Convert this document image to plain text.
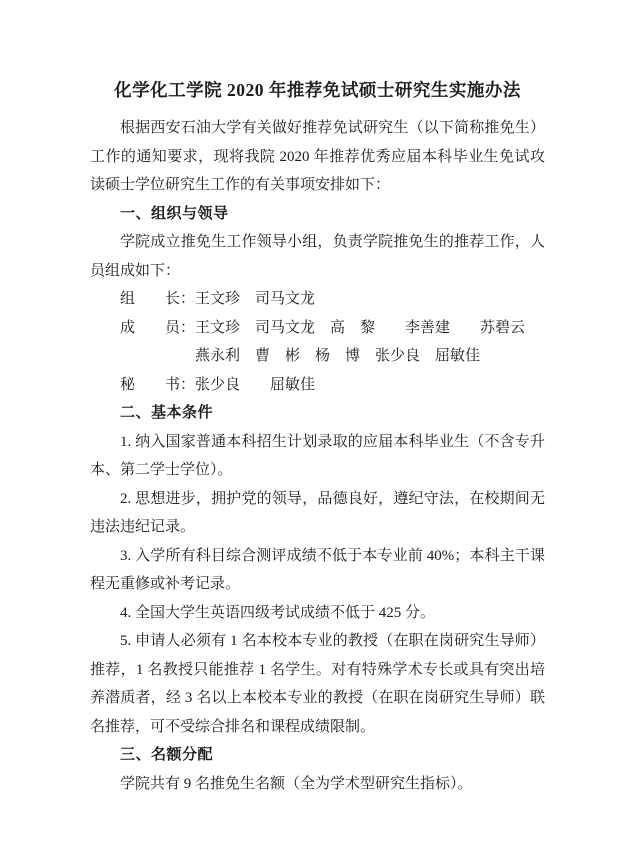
化学化工学院 2020 年推荐免试硕士研究生实施办法

根据西安石油大学有关做好推荐免试研究生（以下简称推免生）工作的通知要求，现将我院 2020 年推荐优秀应届本科毕业生免试攻读硕士学位研究生工作的有关事项安排如下：

一、组织与领导

学院成立推免生工作领导小组，负责学院推免生的推荐工作，人员组成如下：

　　组　　长：王文珍　司马文龙

　　成　　员：王文珍　司马文龙　高　黎　　李善建　　苏碧云

　　　　　　　燕永利　曹　彬　杨　博　张少良　屈敏佳

　　秘　　书：张少良　　屈敏佳

二、基本条件

1. 纳入国家普通本科招生计划录取的应届本科毕业生（不含专升本、第二学士学位）。

2. 思想进步，拥护党的领导，品德良好，遵纪守法，在校期间无违法违纪记录。

3. 入学所有科目综合测评成绩不低于本专业前 40%；本科主干课程无重修或补考记录。

4. 全国大学生英语四级考试成绩不低于 425 分。

5. 申请人必须有 1 名本校本专业的教授（在职在岗研究生导师）推荐，1 名教授只能推荐 1 名学生。对有特殊学术专长或具有突出培养潜质者，经 3 名以上本校本专业的教授（在职在岗研究生导师）联名推荐，可不受综合排名和课程成绩限制。

三、名额分配

学院共有 9 名推免生名额（全为学术型研究生指标）。
